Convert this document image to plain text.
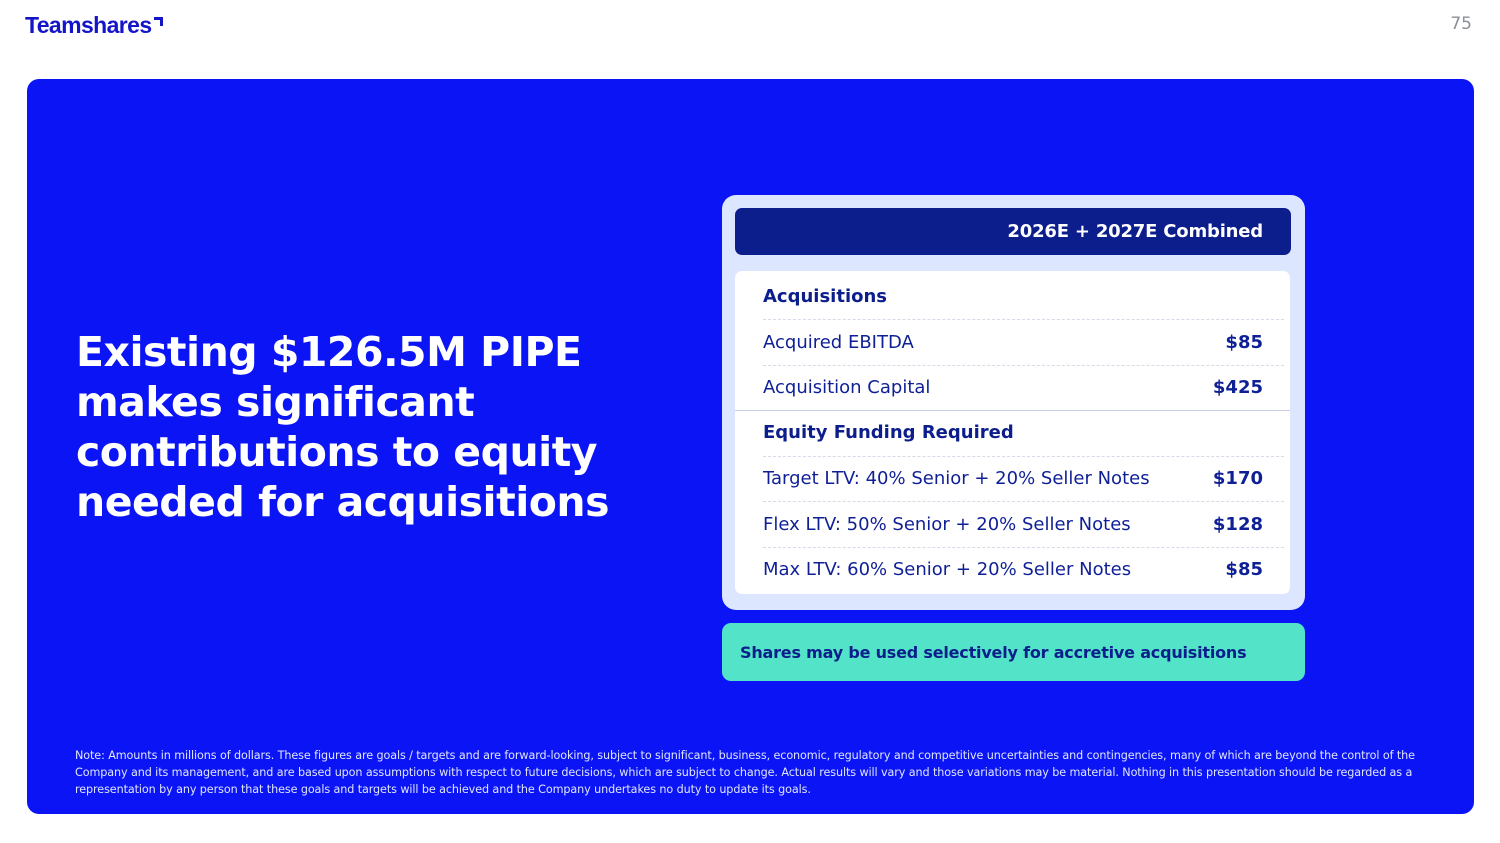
Teamshares	75
Existing $126.5M PIPE makes significant contributions to equity needed for acquisitions
2026E + 2027E Combined
Acquisitions
Acquired EBITDA	$85
Acquisition Capital	$425
Equity Funding Required
Target LTV: 40% Senior + 20% Seller Notes	$170
Flex LTV: 50% Senior + 20% Seller Notes	$128
Max LTV: 60% Senior + 20% Seller Notes	$85
Shares may be used selectively for accretive acquisitions
Note: Amounts in millions of dollars. These figures are goals / targets and are forward-looking, subject to significant, business, economic, regulatory and competitive uncertainties and contingencies, many of which are beyond the control of the Company and its management, and are based upon assumptions with respect to future decisions, which are subject to change. Actual results will vary and those variations may be material. Nothing in this presentation should be regarded as a representation by any person that these goals and targets will be achieved and the Company undertakes no duty to update its goals.
